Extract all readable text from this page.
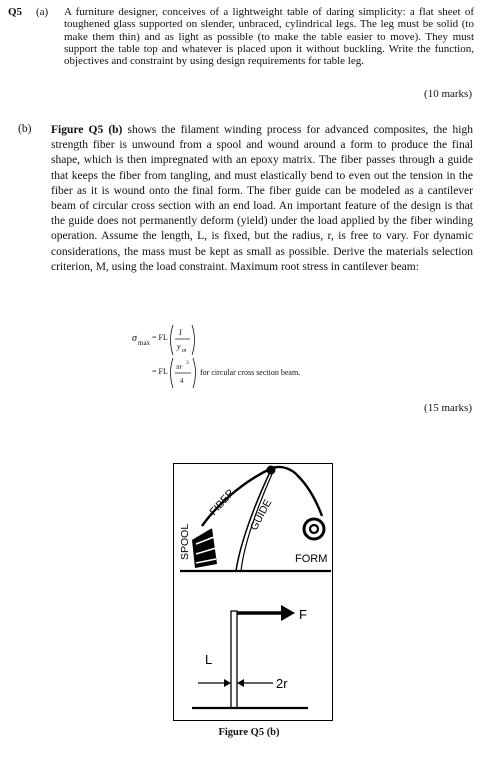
Q5 (a) A furniture designer, conceives of a lightweight table of daring simplicity: a flat sheet of toughened glass supported on slender, unbraced, cylindrical legs. The leg must be solid (to make them thin) and as light as possible (to make the table easier to move). They must support the table top and whatever is placed upon it without buckling. Write the function, objectives and constraint by using design requirements for table leg.
(10 marks)
(b) Figure Q5 (b) shows the filament winding process for advanced composites, the high strength fiber is unwound from a spool and wound around a form to produce the final shape, which is then impregnated with an epoxy matrix. The fiber passes through a guide that keeps the fiber from tangling, and must elastically bend to even out the tension in the fiber as it is wound onto the final form. The fiber guide can be modeled as a cantilever beam of circular cross section with an end load. An important feature of the design is that the guide does not permanently deform (yield) under the load applied by the fiber winding operation. Assume the length, L, is fixed, but the radius, r, is free to vary. For dynamic considerations, the mass must be kept as small as possible. Derive the materials selection criterion, M, using the load constraint. Maximum root stress in cantilever beam:
σ max
= FL
I
y m
= FL πr 3
4
for circular cross section beam.
(15 marks)
FIBER GUIDE
SPOOL	FORM
F
L
2r
Figure Q5 (b)
